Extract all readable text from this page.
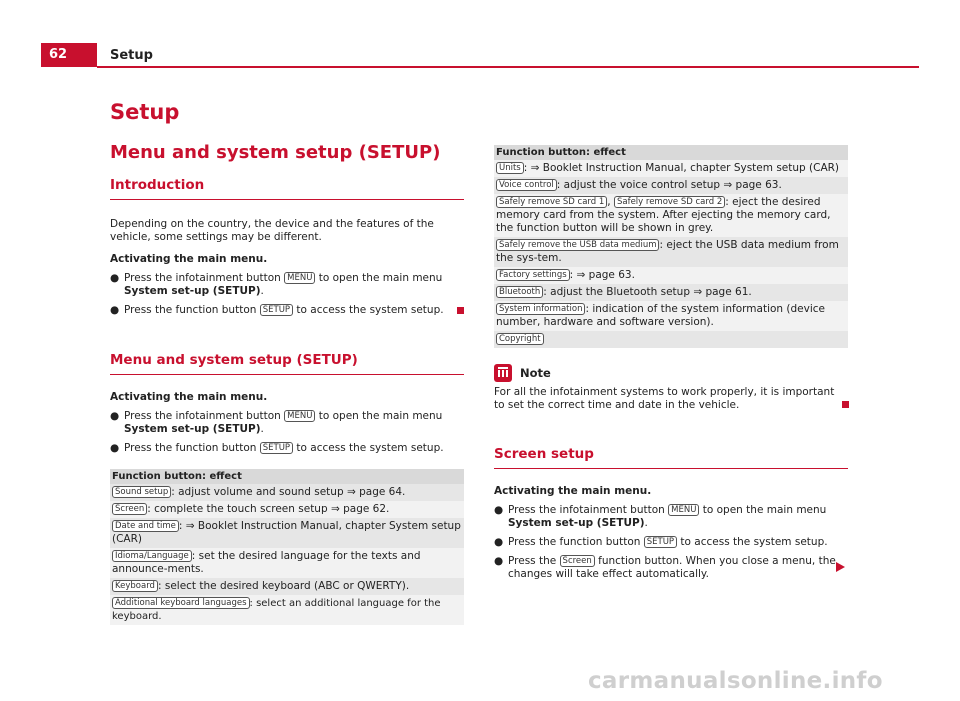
62	Setup
Setup
Menu and system setup (SETUP)
Introduction

Depending on the country, the device and the features of the vehicle, some settings may be different.

Activating the main menu.

● Press the infotainment button MENU to open the main menu System set-up (SETUP).

● Press the function button SETUP to access the system setup.

Menu and system setup (SETUP)

Activating the main menu.

● Press the infotainment button MENU to open the main menu System set-up (SETUP).

● Press the function button SETUP to access the system setup.

Function button: effect
Sound setup : adjust volume and sound setup ⇒ page 64.
Screen : complete the touch screen setup ⇒ page 62.
Date and time : ⇒ Booklet Instruction Manual, chapter System setup (CAR)
Idioma/Language : set the desired language for the texts and announce-ments.
Keyboard : select the desired keyboard (ABC or QWERTY).
Additional keyboard languages : select an additional language for the keyboard.
Function button: effect
Units : ⇒ Booklet Instruction Manual, chapter System setup (CAR)
Voice control : adjust the voice control setup ⇒ page 63.
Safely remove SD card 1 , Safely remove SD card 2 : eject the desired memory card from the system. After ejecting the memory card, the function button will be shown in grey.
Safely remove the USB data medium : eject the USB data medium from the sys-tem.
Factory settings : ⇒ page 63.
Bluetooth : adjust the Bluetooth setup ⇒ page 61.
System information : indication of the system information (device number, hardware and software version).
Copyright
Note

For all the infotainment systems to work properly, it is important to set the correct time and date in the vehicle.

Screen setup

Activating the main menu.

● Press the infotainment button MENU to open the main menu System set-up (SETUP).

● Press the function button SETUP to access the system setup.

● Press the Screen function button. When you close a menu, the changes will take effect automatically.

carmanualsonline.info
